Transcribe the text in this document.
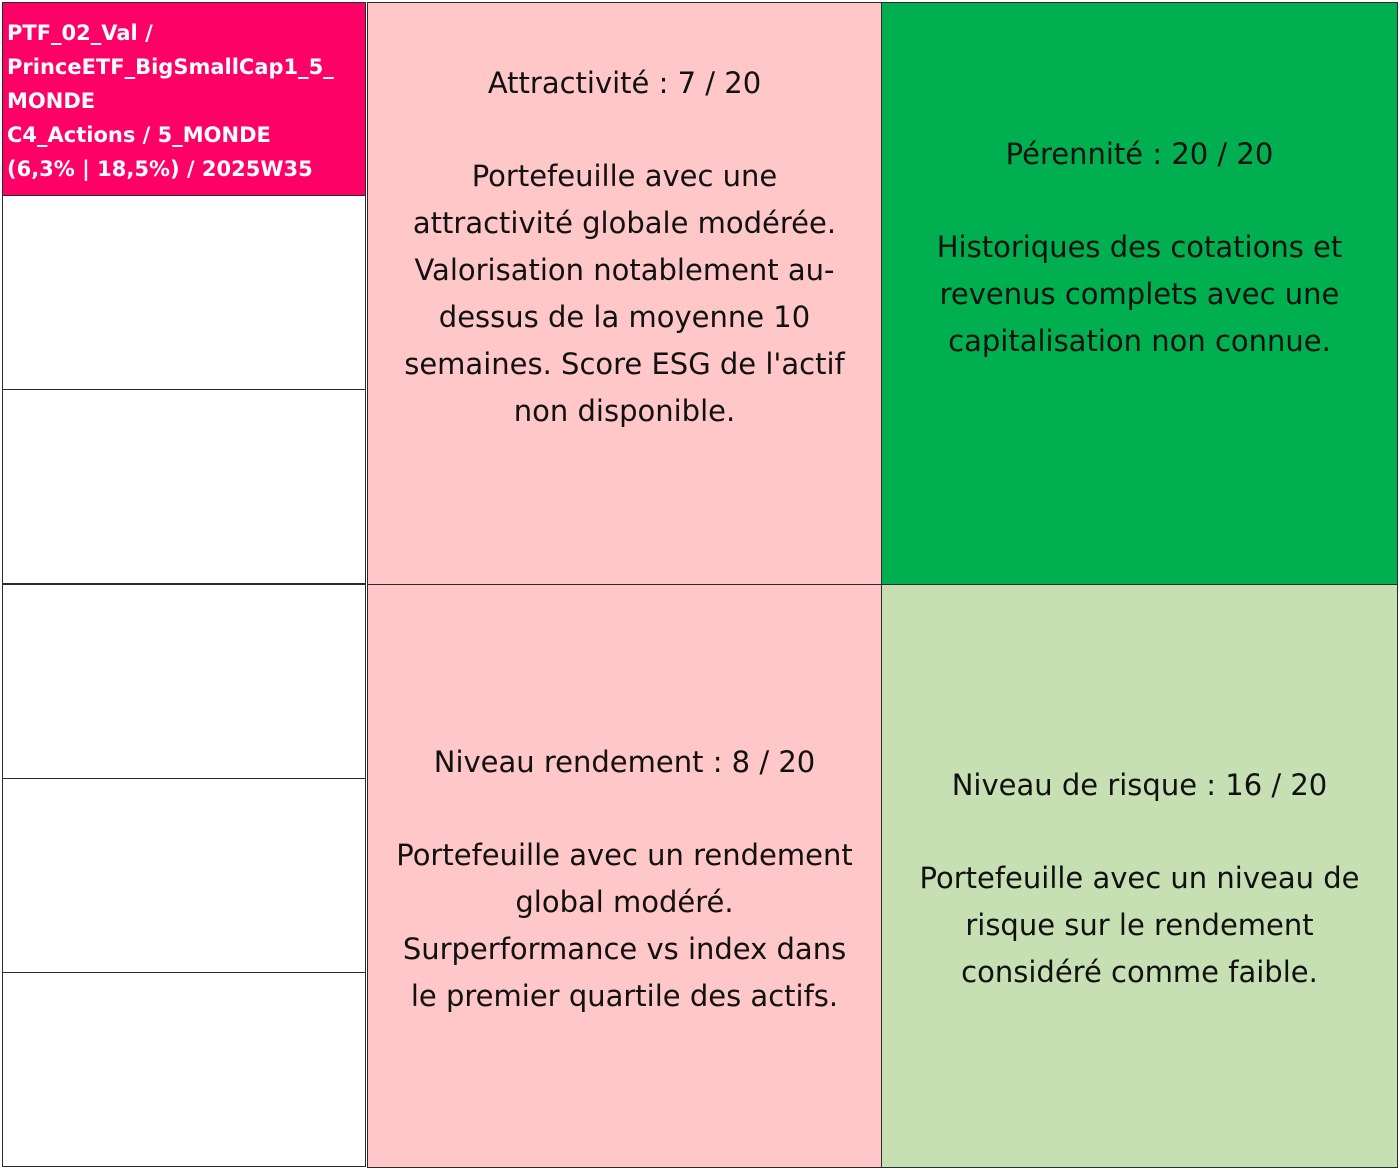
PTF_02_Val /
PrinceETF_BigSmallCap1_5_
MONDE
C4_Actions / 5_MONDE
(6,3% | 18,5%) / 2025W35
Attractivité : 7 / 20
Portefeuille avec une
attractivité globale modérée.
Valorisation notablement au-
dessus de la moyenne 10
semaines. Score ESG de l'actif
non disponible.
Pérennité : 20 / 20
Historiques des cotations et
revenus complets avec une
capitalisation non connue.
Niveau rendement : 8 / 20
Portefeuille avec un rendement
global modéré.
Surperformance vs index dans
le premier quartile des actifs.
Niveau de risque : 16 / 20
Portefeuille avec un niveau de
risque sur le rendement
considéré comme faible.
